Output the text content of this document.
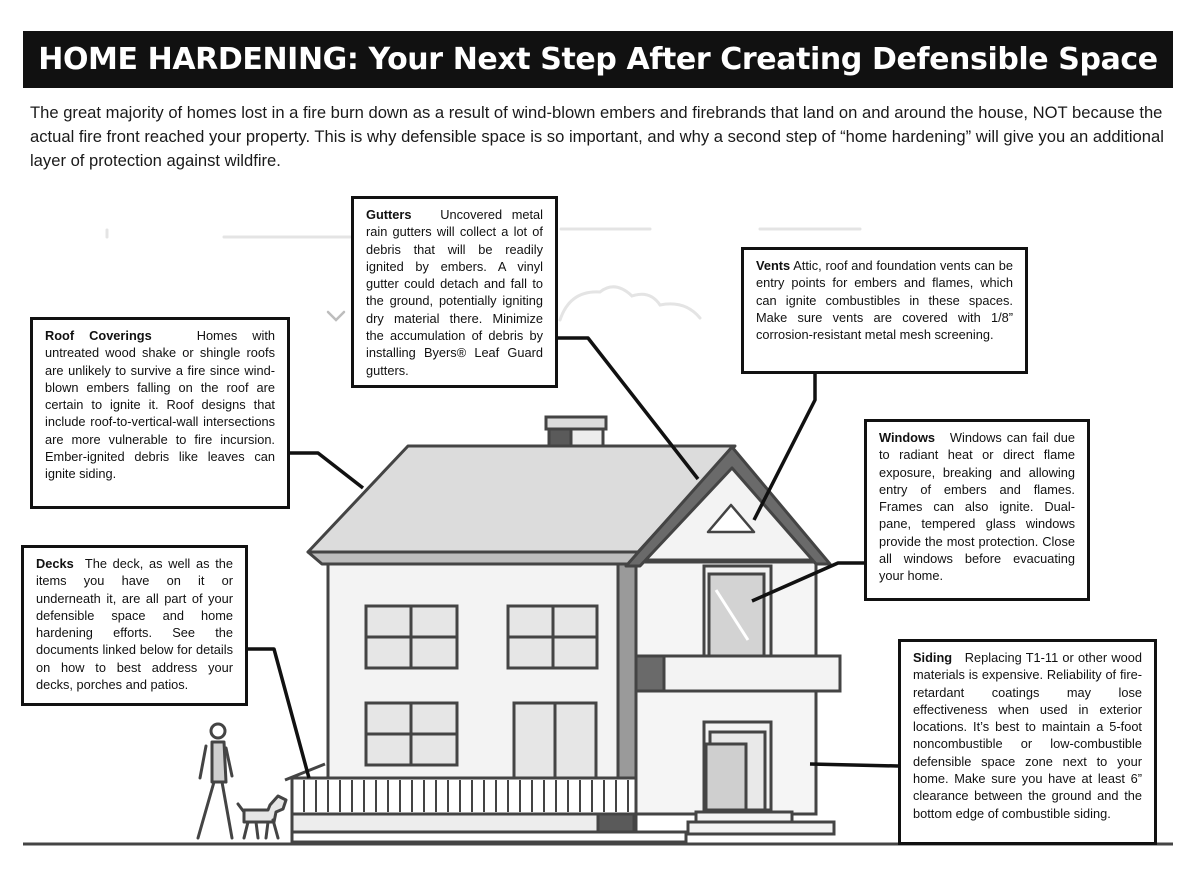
HOME HARDENING: Your Next Step After Creating Defensible Space

The great majority of homes lost in a fire burn down as a result of wind-blown embers and firebrands that land on and around the house, NOT because the actual fire front reached your property. This is why defensible space is so important, and why a second step of “home hardening” will give you an additional layer of protection against wildfire.

Gutters Uncovered metal rain gutters will collect a lot of debris that will be readily ignited by embers. A vinyl gutter could detach and fall to the ground, potentially igniting dry material there. Minimize the accumulation of debris by installing Byers® Leaf Guard gutters.
Vents Attic, roof and foundation vents can be entry points for embers and flames, which can ignite combustibles in these spaces. Make sure vents are covered with 1/8” corrosion-resistant metal mesh screening.
Roof Coverings	Homes with untreated wood shake or shingle roofs are unlikely to survive a fire since wind-blown embers falling on the roof are certain to ignite it. Roof designs that include roof-to-vertical-wall intersections are more vulnerable to fire incursion. Ember-ignited debris like leaves can ignite siding.
Windows Windows can fail due to radiant heat or direct flame exposure, breaking and allowing entry of embers and flames. Frames can also ignite. Dual-pane, tempered glass windows provide the most protection. Close all windows before evacuating your home.
Decks The deck, as well as the items you have on it or underneath it, are all part of your defensible space and home hardening efforts. See the documents linked below for details on how to best address your decks, porches and patios.
Siding Replacing T1-11 or other wood materials is expensive. Reliability of fire-retardant coatings may lose effectiveness when used in exterior locations. It’s best to maintain a 5-foot noncombustible or low-combustible defensible space zone next to your home. Make sure you have at least 6” clearance between the ground and the bottom edge of combustible siding.
